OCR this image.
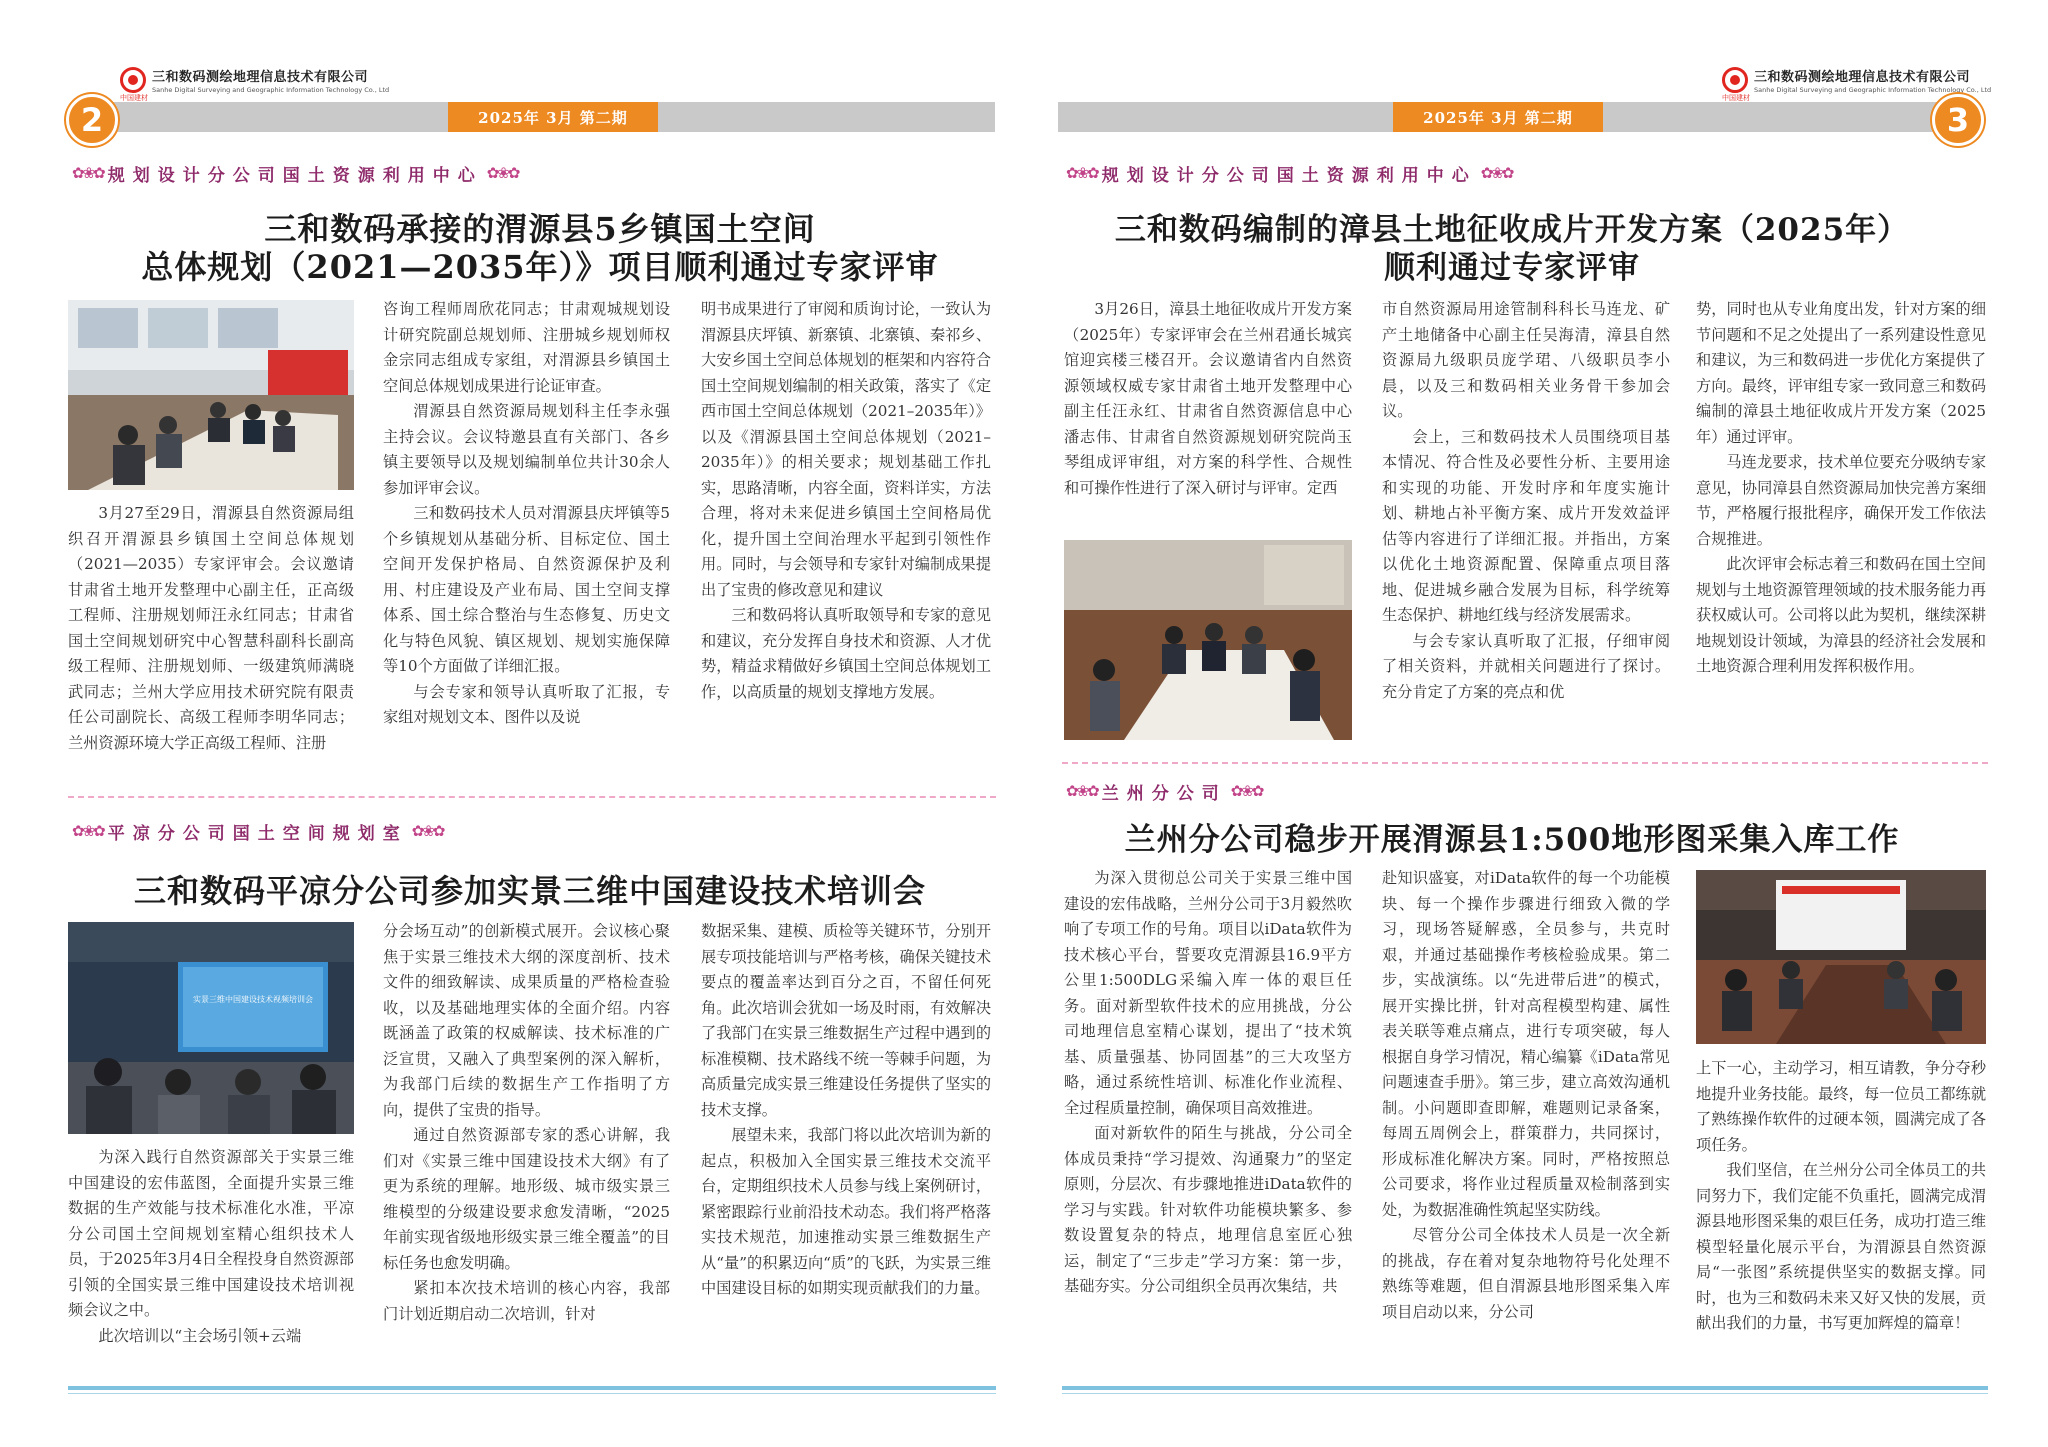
三和数码测绘地理信息技术有限公司
Sanhe Digital Surveying and Geographic Information Technology Co., Ltd
中国建材
2025年 3月 第二期
2
三和数码测绘地理信息技术有限公司
Sanhe Digital Surveying and Geographic Information Technology Co., Ltd
中国建材
2025年 3月 第二期	3
✿❀✿ 规划设计分公司国土资源利用中心 ✿❀✿
三和数码承接的渭源县5乡镇国土空间
总体规划（2021—2035年）》项目顺利通过专家评审

3月27至29日，渭源县自然资源局组织召开渭源县乡镇国土空间总体规划（2021—2035）专家评审会。会议邀请甘肃省土地开发整理中心副主任，正高级工程师、注册规划师汪永红同志；甘肃省国土空间规划研究中心智慧科副科长副高级工程师、注册规划师、一级建筑师满晓武同志；兰州大学应用技术研究院有限责任公司副院长、高级工程师李明华同志；兰州资源环境大学正高级工程师、注册

咨询工程师周欣花同志；甘肃观城规划设计研究院副总规划师、注册城乡规划师权金宗同志组成专家组，对渭源县乡镇国土空间总体规划成果进行论证审查。

渭源县自然资源局规划科主任李永强主持会议。会议特邀县直有关部门、各乡镇主要领导以及规划编制单位共计30余人参加评审会议。

三和数码技术人员对渭源县庆坪镇等5个乡镇规划从基础分析、目标定位、国土空间开发保护格局、自然资源保护及利用、村庄建设及产业布局、国土空间支撑体系、国土综合整治与生态修复、历史文化与特色风貌、镇区规划、规划实施保障等10个方面做了详细汇报。

与会专家和领导认真听取了汇报，专家组对规划文本、图件以及说

明书成果进行了审阅和质询讨论，一致认为渭源县庆坪镇、新寨镇、北寨镇、秦祁乡、大安乡国土空间总体规划的框架和内容符合国土空间规划编制的相关政策，落实了《定西市国土空间总体规划（2021–2035年）》以及《渭源县国土空间总体规划（2021–2035年）》的相关要求；规划基础工作扎实，思路清晰，内容全面，资料详实，方法合理，将对未来促进乡镇国土空间格局优化，提升国土空间治理水平起到引领性作用。同时，与会领导和专家针对编制成果提出了宝贵的修改意见和建议

三和数码将认真听取领导和专家的意见和建议，充分发挥自身技术和资源、人才优势，精益求精做好乡镇国土空间总体规划工作，以高质量的规划支撑地方发展。

✿❀✿ 平凉分公司国土空间规划室 ✿❀✿
三和数码平凉分公司参加实景三维中国建设技术培训会
实景三维中国建设技术视频培训会

为深入践行自然资源部关于实景三维中国建设的宏伟蓝图，全面提升实景三维数据的生产效能与技术标准化水准，平凉分公司国土空间规划室精心组织技术人员，于2025年3月4日全程投身自然资源部引领的全国实景三维中国建设技术培训视频会议之中。

此次培训以“主会场引领+云端

分会场互动”的创新模式展开。会议核心聚焦于实景三维技术大纲的深度剖析、技术文件的细致解读、成果质量的严格检查验收，以及基础地理实体的全面介绍。内容既涵盖了政策的权威解读、技术标准的广泛宣贯，又融入了典型案例的深入解析，为我部门后续的数据生产工作指明了方向，提供了宝贵的指导。

通过自然资源部专家的悉心讲解，我们对《实景三维中国建设技术大纲》有了更为系统的理解。地形级、城市级实景三维模型的分级建设要求愈发清晰，“2025年前实现省级地形级实景三维全覆盖”的目标任务也愈发明确。

紧扣本次技术培训的核心内容，我部门计划近期启动二次培训，针对

数据采集、建模、质检等关键环节，分别开展专项技能培训与严格考核，确保关键技术要点的覆盖率达到百分之百，不留任何死角。此次培训会犹如一场及时雨，有效解决了我部门在实景三维数据生产过程中遇到的标准模糊、技术路线不统一等棘手问题，为高质量完成实景三维建设任务提供了坚实的技术支撑。

展望未来，我部门将以此次培训为新的起点，积极加入全国实景三维技术交流平台，定期组织技术人员参与线上案例研讨，紧密跟踪行业前沿技术动态。我们将严格落实技术规范，加速推动实景三维数据生产从“量”的积累迈向“质”的飞跃，为实景三维中国建设目标的如期实现贡献我们的力量。

✿❀✿ 规划设计分公司国土资源利用中心 ✿❀✿
三和数码编制的漳县土地征收成片开发方案（2025年）
顺利通过专家评审

3月26日，漳县土地征收成片开发方案（2025年）专家评审会在兰州君通长城宾馆迎宾楼三楼召开。会议邀请省内自然资源领域权威专家甘肃省土地开发整理中心副主任汪永红、甘肃省自然资源信息中心潘志伟、甘肃省自然资源规划研究院尚玉琴组成评审组，对方案的科学性、合规性和可操作性进行了深入研讨与评审。定西

市自然资源局用途管制科科长马连龙、矿产土地储备中心副主任吴海清，漳县自然资源局九级职员庞学珺、八级职员李小晨，以及三和数码相关业务骨干参加会议。

会上，三和数码技术人员围绕项目基本情况、符合性及必要性分析、主要用途和实现的功能、开发时序和年度实施计划、耕地占补平衡方案、成片开发效益评估等内容进行了详细汇报。并指出，方案以优化土地资源配置、保障重点项目落地、促进城乡融合发展为目标，科学统筹生态保护、耕地红线与经济发展需求。

与会专家认真听取了汇报，仔细审阅了相关资料，并就相关问题进行了探讨。充分肯定了方案的亮点和优

势，同时也从专业角度出发，针对方案的细节问题和不足之处提出了一系列建设性意见和建议，为三和数码进一步优化方案提供了方向。最终，评审组专家一致同意三和数码编制的漳县土地征收成片开发方案（2025年）通过评审。

马连龙要求，技术单位要充分吸纳专家意见，协同漳县自然资源局加快完善方案细节，严格履行报批程序，确保开发工作依法合规推进。

此次评审会标志着三和数码在国土空间规划与土地资源管理领域的技术服务能力再获权威认可。公司将以此为契机，继续深耕地规划设计领域，为漳县的经济社会发展和土地资源合理利用发挥积极作用。

✿❀✿ 兰州分公司 ✿❀✿
兰州分公司稳步开展渭源县1:500地形图采集入库工作

为深入贯彻总公司关于实景三维中国建设的宏伟战略，兰州分公司于3月毅然吹响了专项工作的号角。项目以iData软件为技术核心平台，誓要攻克渭源县16.9平方公里1:500DLG采编入库一体的艰巨任务。面对新型软件技术的应用挑战，分公司地理信息室精心谋划，提出了“技术筑基、质量强基、协同固基”的三大攻坚方略，通过系统性培训、标准化作业流程、全过程质量控制，确保项目高效推进。

面对新软件的陌生与挑战，分公司全体成员秉持“学习提效、沟通聚力”的坚定原则，分层次、有步骤地推进iData软件的学习与实践。针对软件功能模块繁多、参数设置复杂的特点，地理信息室匠心独运，制定了“三步走”学习方案：第一步，基础夯实。分公司组织全员再次集结，共

赴知识盛宴，对iData软件的每一个功能模块、每一个操作步骤进行细致入微的学习，现场答疑解惑，全员参与，共克时艰，并通过基础操作考核检验成果。第二步，实战演练。以“先进带后进”的模式，展开实操比拼，针对高程模型构建、属性表关联等难点痛点，进行专项突破，每人根据自身学习情况，精心编纂《iData常见问题速查手册》。第三步，建立高效沟通机制。小问题即查即解，难题则记录备案，每周五周例会上，群策群力，共同探讨，形成标准化解决方案。同时，严格按照总公司要求，将作业过程质量双检制落到实处，为数据准确性筑起坚实防线。

尽管分公司全体技术人员是一次全新的挑战，存在着对复杂地物符号化处理不熟练等难题，但自渭源县地形图采集入库项目启动以来，分公司

上下一心，主动学习，相互请教，争分夺秒地提升业务技能。最终，每一位员工都练就了熟练操作软件的过硬本领，圆满完成了各项任务。

我们坚信，在兰州分公司全体员工的共同努力下，我们定能不负重托，圆满完成渭源县地形图采集的艰巨任务，成功打造三维模型轻量化展示平台，为渭源县自然资源局“一张图”系统提供坚实的数据支撑。同时，也为三和数码未来又好又快的发展，贡献出我们的力量，书写更加辉煌的篇章！
